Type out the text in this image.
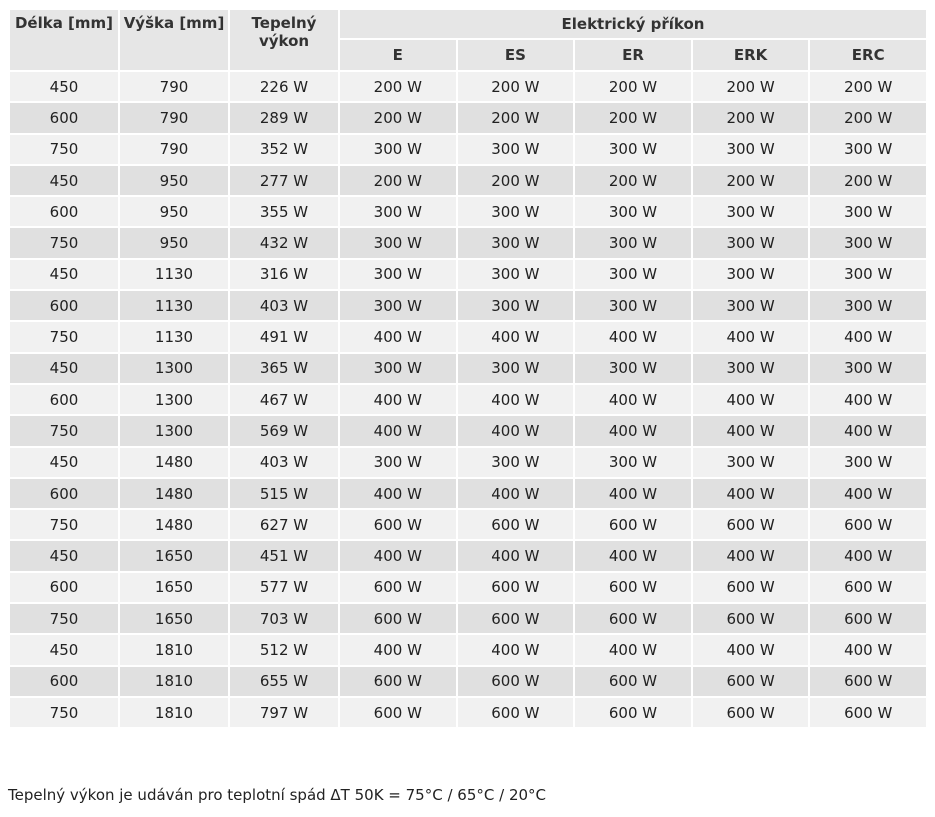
Délka [mm]	Výška [mm]	Tepelný výkon	Elektrický příkon				
			E	ES	ER	ERK	ERC
450	790	226 W	200 W	200 W	200 W	200 W	200 W
600	790	289 W	200 W	200 W	200 W	200 W	200 W
750	790	352 W	300 W	300 W	300 W	300 W	300 W
450	950	277 W	200 W	200 W	200 W	200 W	200 W
600	950	355 W	300 W	300 W	300 W	300 W	300 W
750	950	432 W	300 W	300 W	300 W	300 W	300 W
450	1130	316 W	300 W	300 W	300 W	300 W	300 W
600	1130	403 W	300 W	300 W	300 W	300 W	300 W
750	1130	491 W	400 W	400 W	400 W	400 W	400 W
450	1300	365 W	300 W	300 W	300 W	300 W	300 W
600	1300	467 W	400 W	400 W	400 W	400 W	400 W
750	1300	569 W	400 W	400 W	400 W	400 W	400 W
450	1480	403 W	300 W	300 W	300 W	300 W	300 W
600	1480	515 W	400 W	400 W	400 W	400 W	400 W
750	1480	627 W	600 W	600 W	600 W	600 W	600 W
450	1650	451 W	400 W	400 W	400 W	400 W	400 W
600	1650	577 W	600 W	600 W	600 W	600 W	600 W
750	1650	703 W	600 W	600 W	600 W	600 W	600 W
450	1810	512 W	400 W	400 W	400 W	400 W	400 W
600	1810	655 W	600 W	600 W	600 W	600 W	600 W
750	1810	797 W	600 W	600 W	600 W	600 W	600 W
Tepelný výkon je udáván pro teplotní spád ΔT 50K = 75°C / 65°C / 20°C
